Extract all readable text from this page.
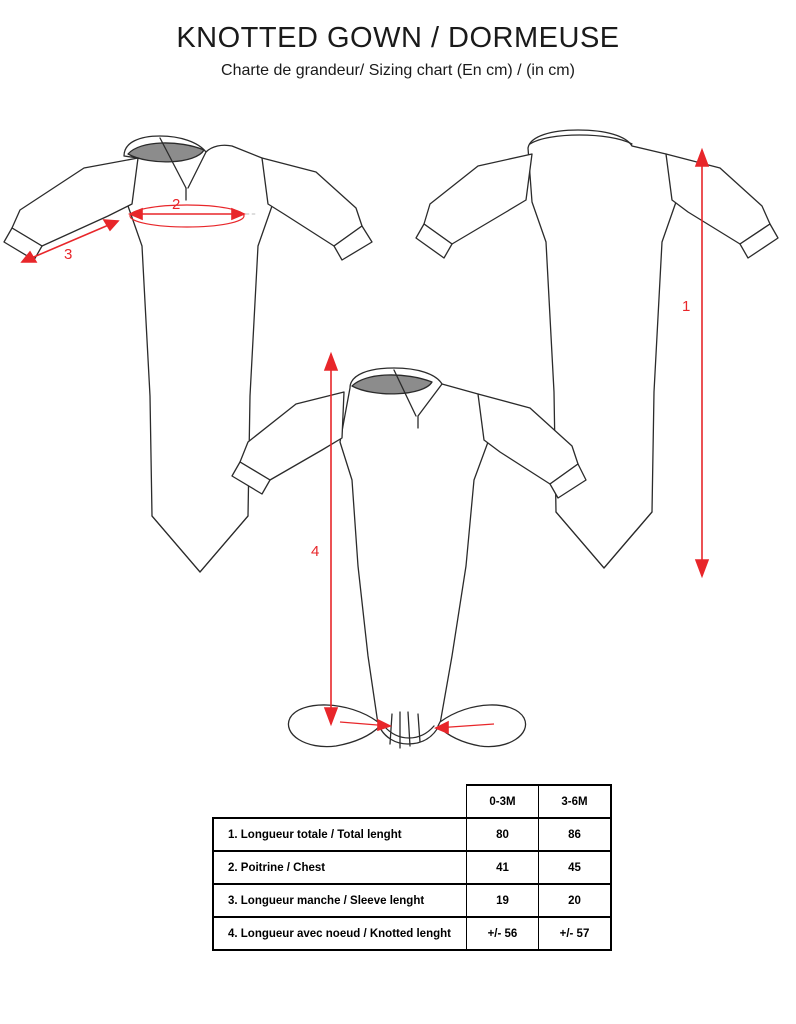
KNOTTED GOWN / DORMEUSE
Charte de grandeur/ Sizing chart (En cm) / (in cm)
2
3
1
4
	0-3M	3-6M
1. Longueur totale / Total lenght	80	86
2. Poitrine / Chest	41	45
3. Longueur manche / Sleeve lenght	19	20
4. Longueur avec noeud / Knotted lenght	+/- 56	+/- 57
